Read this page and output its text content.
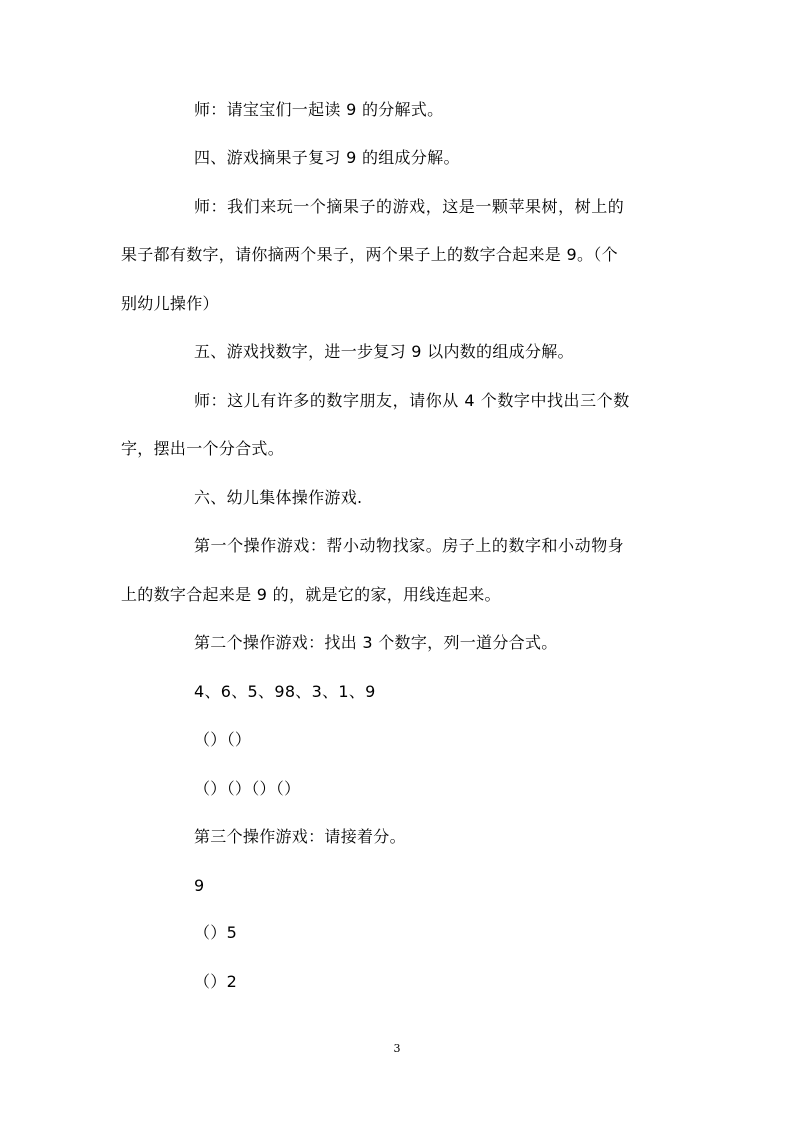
师：请宝宝们一起读 9 的分解式。
四、游戏摘果子复习 9 的组成分解。
师：我们来玩一个摘果子的游戏，这是一颗苹果树，树上的
果子都有数字，请你摘两个果子，两个果子上的数字合起来是 9。（个
别幼儿操作）
五、游戏找数字，进一步复习 9 以内数的组成分解。
师：这儿有许多的数字朋友，请你从 4 个数字中找出三个数
字，摆出一个分合式。
六、幼儿集体操作游戏.
第一个操作游戏：帮小动物找家。房子上的数字和小动物身
上的数字合起来是 9 的，就是它的家，用线连起来。
第二个操作游戏：找出 3 个数字，列一道分合式。
4、6、5、98、3、1、9
（）（）
（）（）（）（）
第三个操作游戏：请接着分。
9
（）5
（）2
3
